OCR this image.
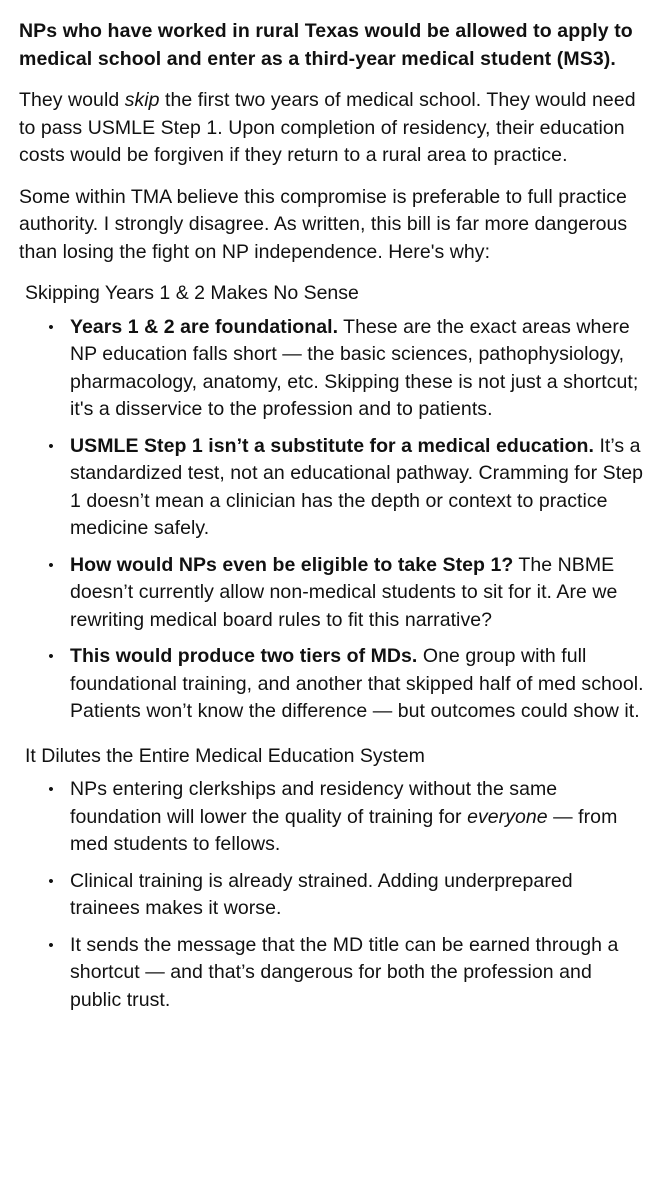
NPs who have worked in rural Texas would be allowed to apply to medical school and enter as a third-year medical student (MS3).

They would skip the first two years of medical school. They would need to pass USMLE Step 1. Upon completion of residency, their education costs would be forgiven if they return to a rural area to practice.

Some within TMA believe this compromise is preferable to full practice authority. I strongly disagree. As written, this bill is far more dangerous than losing the fight on NP independence. Here's why:

Skipping Years 1 & 2 Makes No Sense
• Years 1 & 2 are foundational. These are the exact areas where NP education falls short — the basic sciences, pathophysiology, pharmacology, anatomy, etc. Skipping these is not just a shortcut; it's a disservice to the profession and to patients.
• USMLE Step 1 isn’t a substitute for a medical education. It’s a standardized test, not an educational pathway. Cramming for Step 1 doesn’t mean a clinician has the depth or context to practice medicine safely.
• How would NPs even be eligible to take Step 1? The NBME doesn’t currently allow non-medical students to sit for it. Are we rewriting medical board rules to fit this narrative?
• This would produce two tiers of MDs. One group with full foundational training, and another that skipped half of med school. Patients won’t know the difference — but outcomes could show it.
It Dilutes the Entire Medical Education System
• NPs entering clerkships and residency without the same foundation will lower the quality of training for everyone — from med students to fellows.
• Clinical training is already strained. Adding underprepared trainees makes it worse.
• It sends the message that the MD title can be earned through a shortcut — and that’s dangerous for both the profession and public trust.
